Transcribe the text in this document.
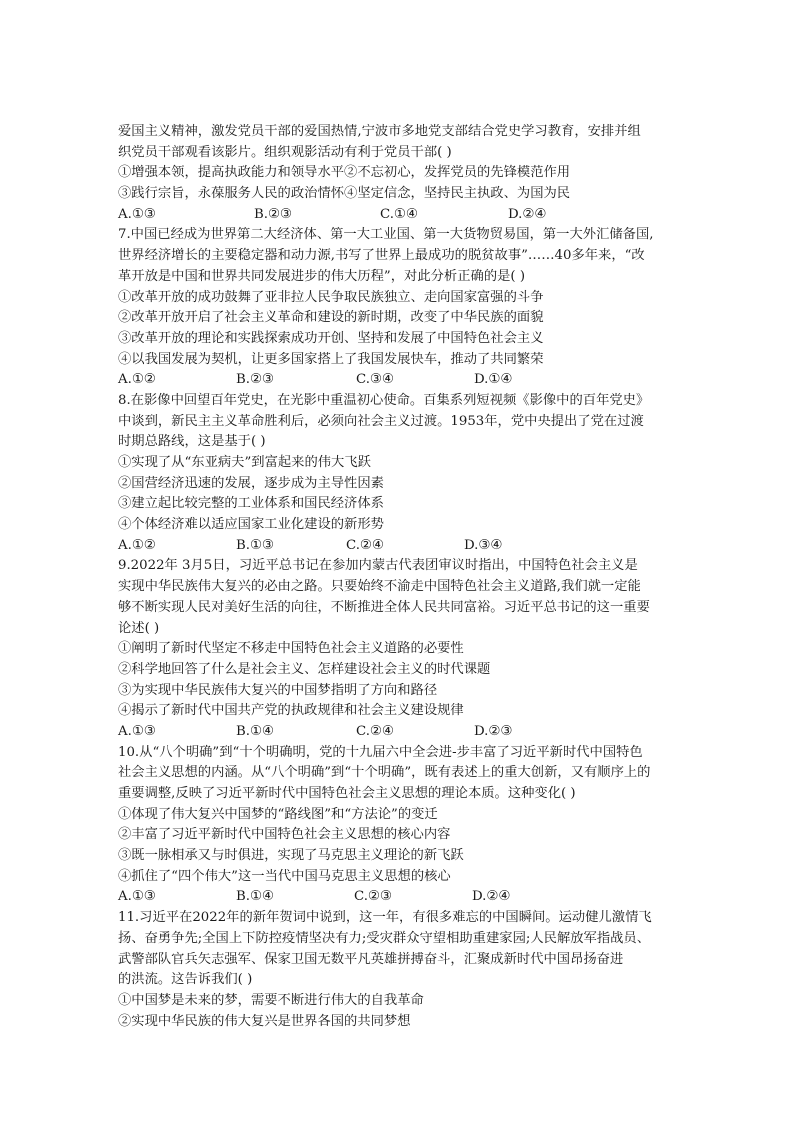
爱国主义精神，激发党员干部的爱国热情,宁波市多地党支部结合党史学习教育，安排并组
织党员干部观看该影片。组织观影活动有利于党员干部( )
①增强本领，提高执政能力和领导水平②不忘初心，发挥党员的先锋模范作用
③践行宗旨，永葆服务人民的政治情怀④坚定信念，坚持民主执政、为国为民
A.①③	B.②③	C.①④	D.②④
7.中国已经成为世界第二大经济体、第一大工业国、第一大货物贸易国，第一大外汇储备国,
世界经济增长的主要稳定器和动力源,书写了世界上最成功的脱贫故事”……40多年来，“改
革开放是中国和世界共同发展进步的伟大历程”，对此分析正确的是( )
①改革开放的成功鼓舞了亚非拉人民争取民族独立、走向国家富强的斗争
②改革开放开启了社会主义革命和建设的新时期，改变了中华民族的面貌
③改革开放的理论和实践探索成功开创、坚持和发展了中国特色社会主义
④以我国发展为契机，让更多国家搭上了我国发展快车，推动了共同繁荣
A.①②	B.②③	C.③④	D.①④
8.在影像中回望百年党史，在光影中重温初心使命。百集系列短视频《影像中的百年党史》
中谈到，新民主主义革命胜利后，必须向社会主义过渡。1953年，党中央提出了党在过渡
时期总路线，这是基于( )
①实现了从“东亚病夫”到富起来的伟大飞跃
②国营经济迅速的发展，逐步成为主导性因素
③建立起比较完整的工业体系和国民经济体系
④个体经济难以适应国家工业化建设的新形势
A.①②	B.①③	C.②④	D.③④
9.2022年 3月5日，习近平总书记在参加内蒙古代表团审议时指出，中国特色社会主义是
实现中华民族伟大复兴的必由之路。只要始终不渝走中国特色社会主义道路,我们就一定能
够不断实现人民对美好生活的向往，不断推进全体人民共同富裕。习近平总书记的这一重要
论述( )
①阐明了新时代坚定不移走中国特色社会主义道路的必要性
②科学地回答了什么是社会主义、怎样建设社会主义的时代课题
③为实现中华民族伟大复兴的中国梦指明了方向和路径
④揭示了新时代中国共产党的执政规律和社会主义建设规律
A.①③	B.①④	C.②④	D.②③
10.从“八个明确”到“十个明确明，党的十九届六中全会进-步丰富了习近平新时代中国特色
社会主义思想的内涵。从“八个明确”到“十个明确”，既有表述上的重大创新，又有顺序上的
重要调整,反映了习近平新时代中国特色社会主义思想的理论本质。这种变化( )
①体现了伟大复兴中国梦的“路线图”和“方法论”的变迁
②丰富了习近平新时代中国特色社会主义思想的核心内容
③既一脉相承又与时俱进，实现了马克思主义理论的新飞跃
④抓住了“四个伟大”这一当代中国马克思主义思想的核心
A.①③	B.①④	C.②③	D.②④
11.习近平在2022年的新年贺词中说到，这一年，有很多难忘的中国瞬间。运动健儿激情飞
扬、奋勇争先;全国上下防控疫情坚决有力;受灾群众守望相助重建家园;人民解放军指战员、
武警部队官兵矢志强军、保家卫国无数平凡英雄拼搏奋斗，汇聚成新时代中国昂扬奋进
的洪流。这告诉我们( )
①中国梦是未来的梦，需要不断进行伟大的自我革命
②实现中华民族的伟大复兴是世界各国的共同梦想
